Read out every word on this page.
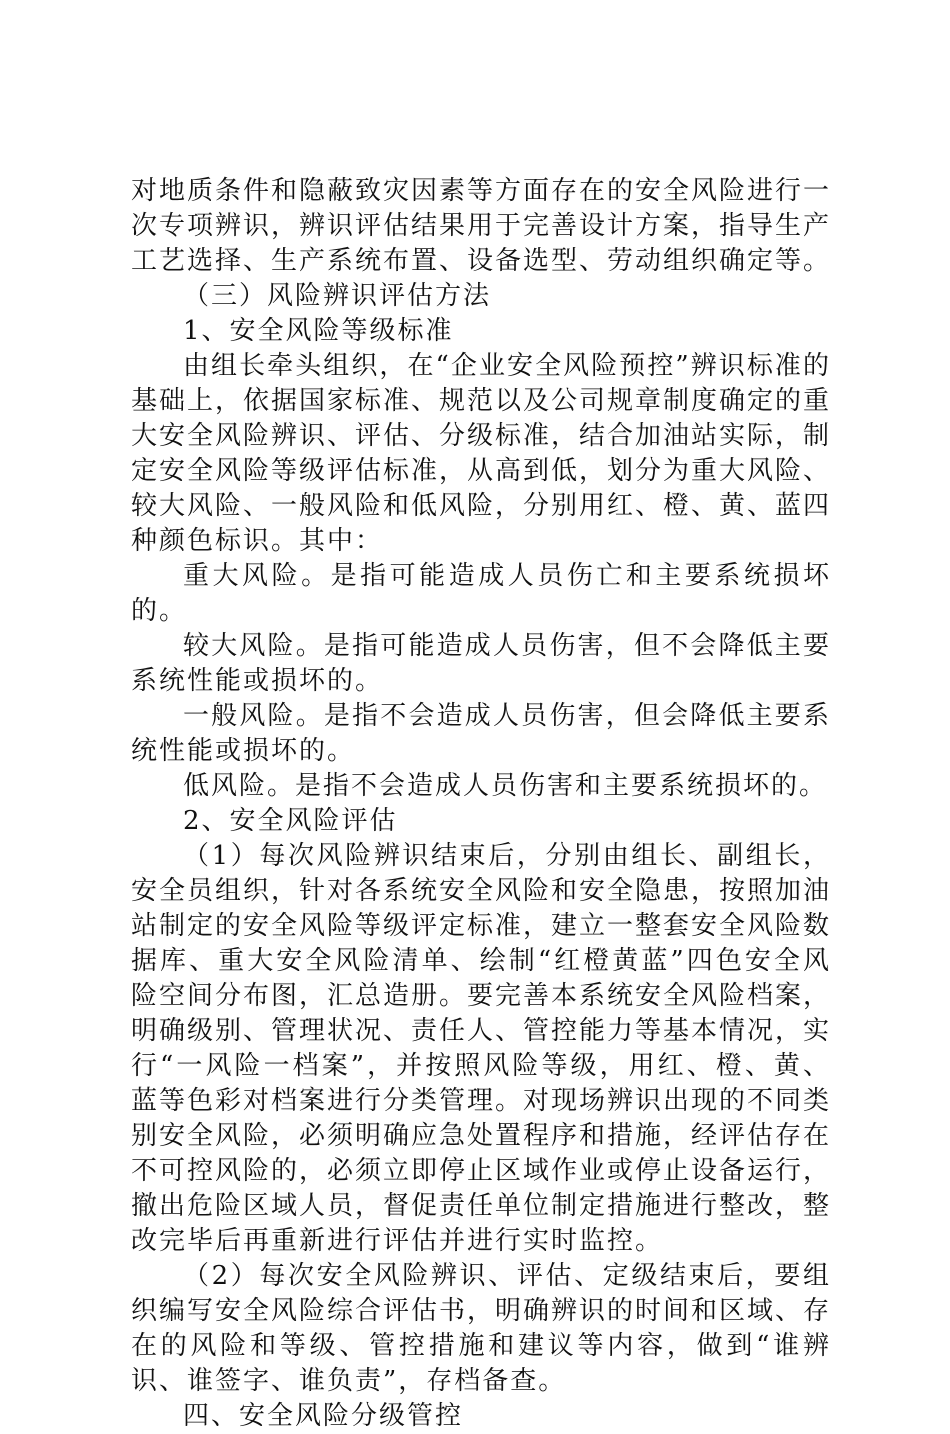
对地质条件和隐蔽致灾因素等方面存在的安全风险进行一次专项辨识，辨识评估结果用于完善设计方案，指导生产工艺选择、生产系统布置、设备选型、劳动组织确定等。

（三）风险辨识评估方法

1、安全风险等级标准

由组长牵头组织，在“企业安全风险预控”辨识标准的基础上，依据国家标准、规范以及公司规章制度确定的重大安全风险辨识、评估、分级标准，结合加油站实际，制定安全风险等级评估标准，从高到低，划分为重大风险、较大风险、一般风险和低风险，分别用红、橙、黄、蓝四种颜色标识。其中：

重大风险。是指可能造成人员伤亡和主要系统损坏的。

较大风险。是指可能造成人员伤害，但不会降低主要系统性能或损坏的。

一般风险。是指不会造成人员伤害，但会降低主要系统性能或损坏的。

低风险。是指不会造成人员伤害和主要系统损坏的。

2、安全风险评估

（1）每次风险辨识结束后，分别由组长、副组长，安全员组织，针对各系统安全风险和安全隐患，按照加油站制定的安全风险等级评定标准，建立一整套安全风险数据库、重大安全风险清单、绘制“红橙黄蓝”四色安全风险空间分布图，汇总造册。要完善本系统安全风险档案，明确级别、管理状况、责任人、管控能力等基本情况，实行“一风险一档案”，并按照风险等级，用红、橙、黄、蓝等色彩对档案进行分类管理。对现场辨识出现的不同类别安全风险，必须明确应急处置程序和措施，经评估存在不可控风险的，必须立即停止区域作业或停止设备运行，撤出危险区域人员，督促责任单位制定措施进行整改，整改完毕后再重新进行评估并进行实时监控。

（2）每次安全风险辨识、评估、定级结束后，要组织编写安全风险综合评估书，明确辨识的时间和区域、存在的风险和等级、管控措施和建议等内容，做到“谁辨识、谁签字、谁负责”，存档备查。

四、安全风险分级管控
